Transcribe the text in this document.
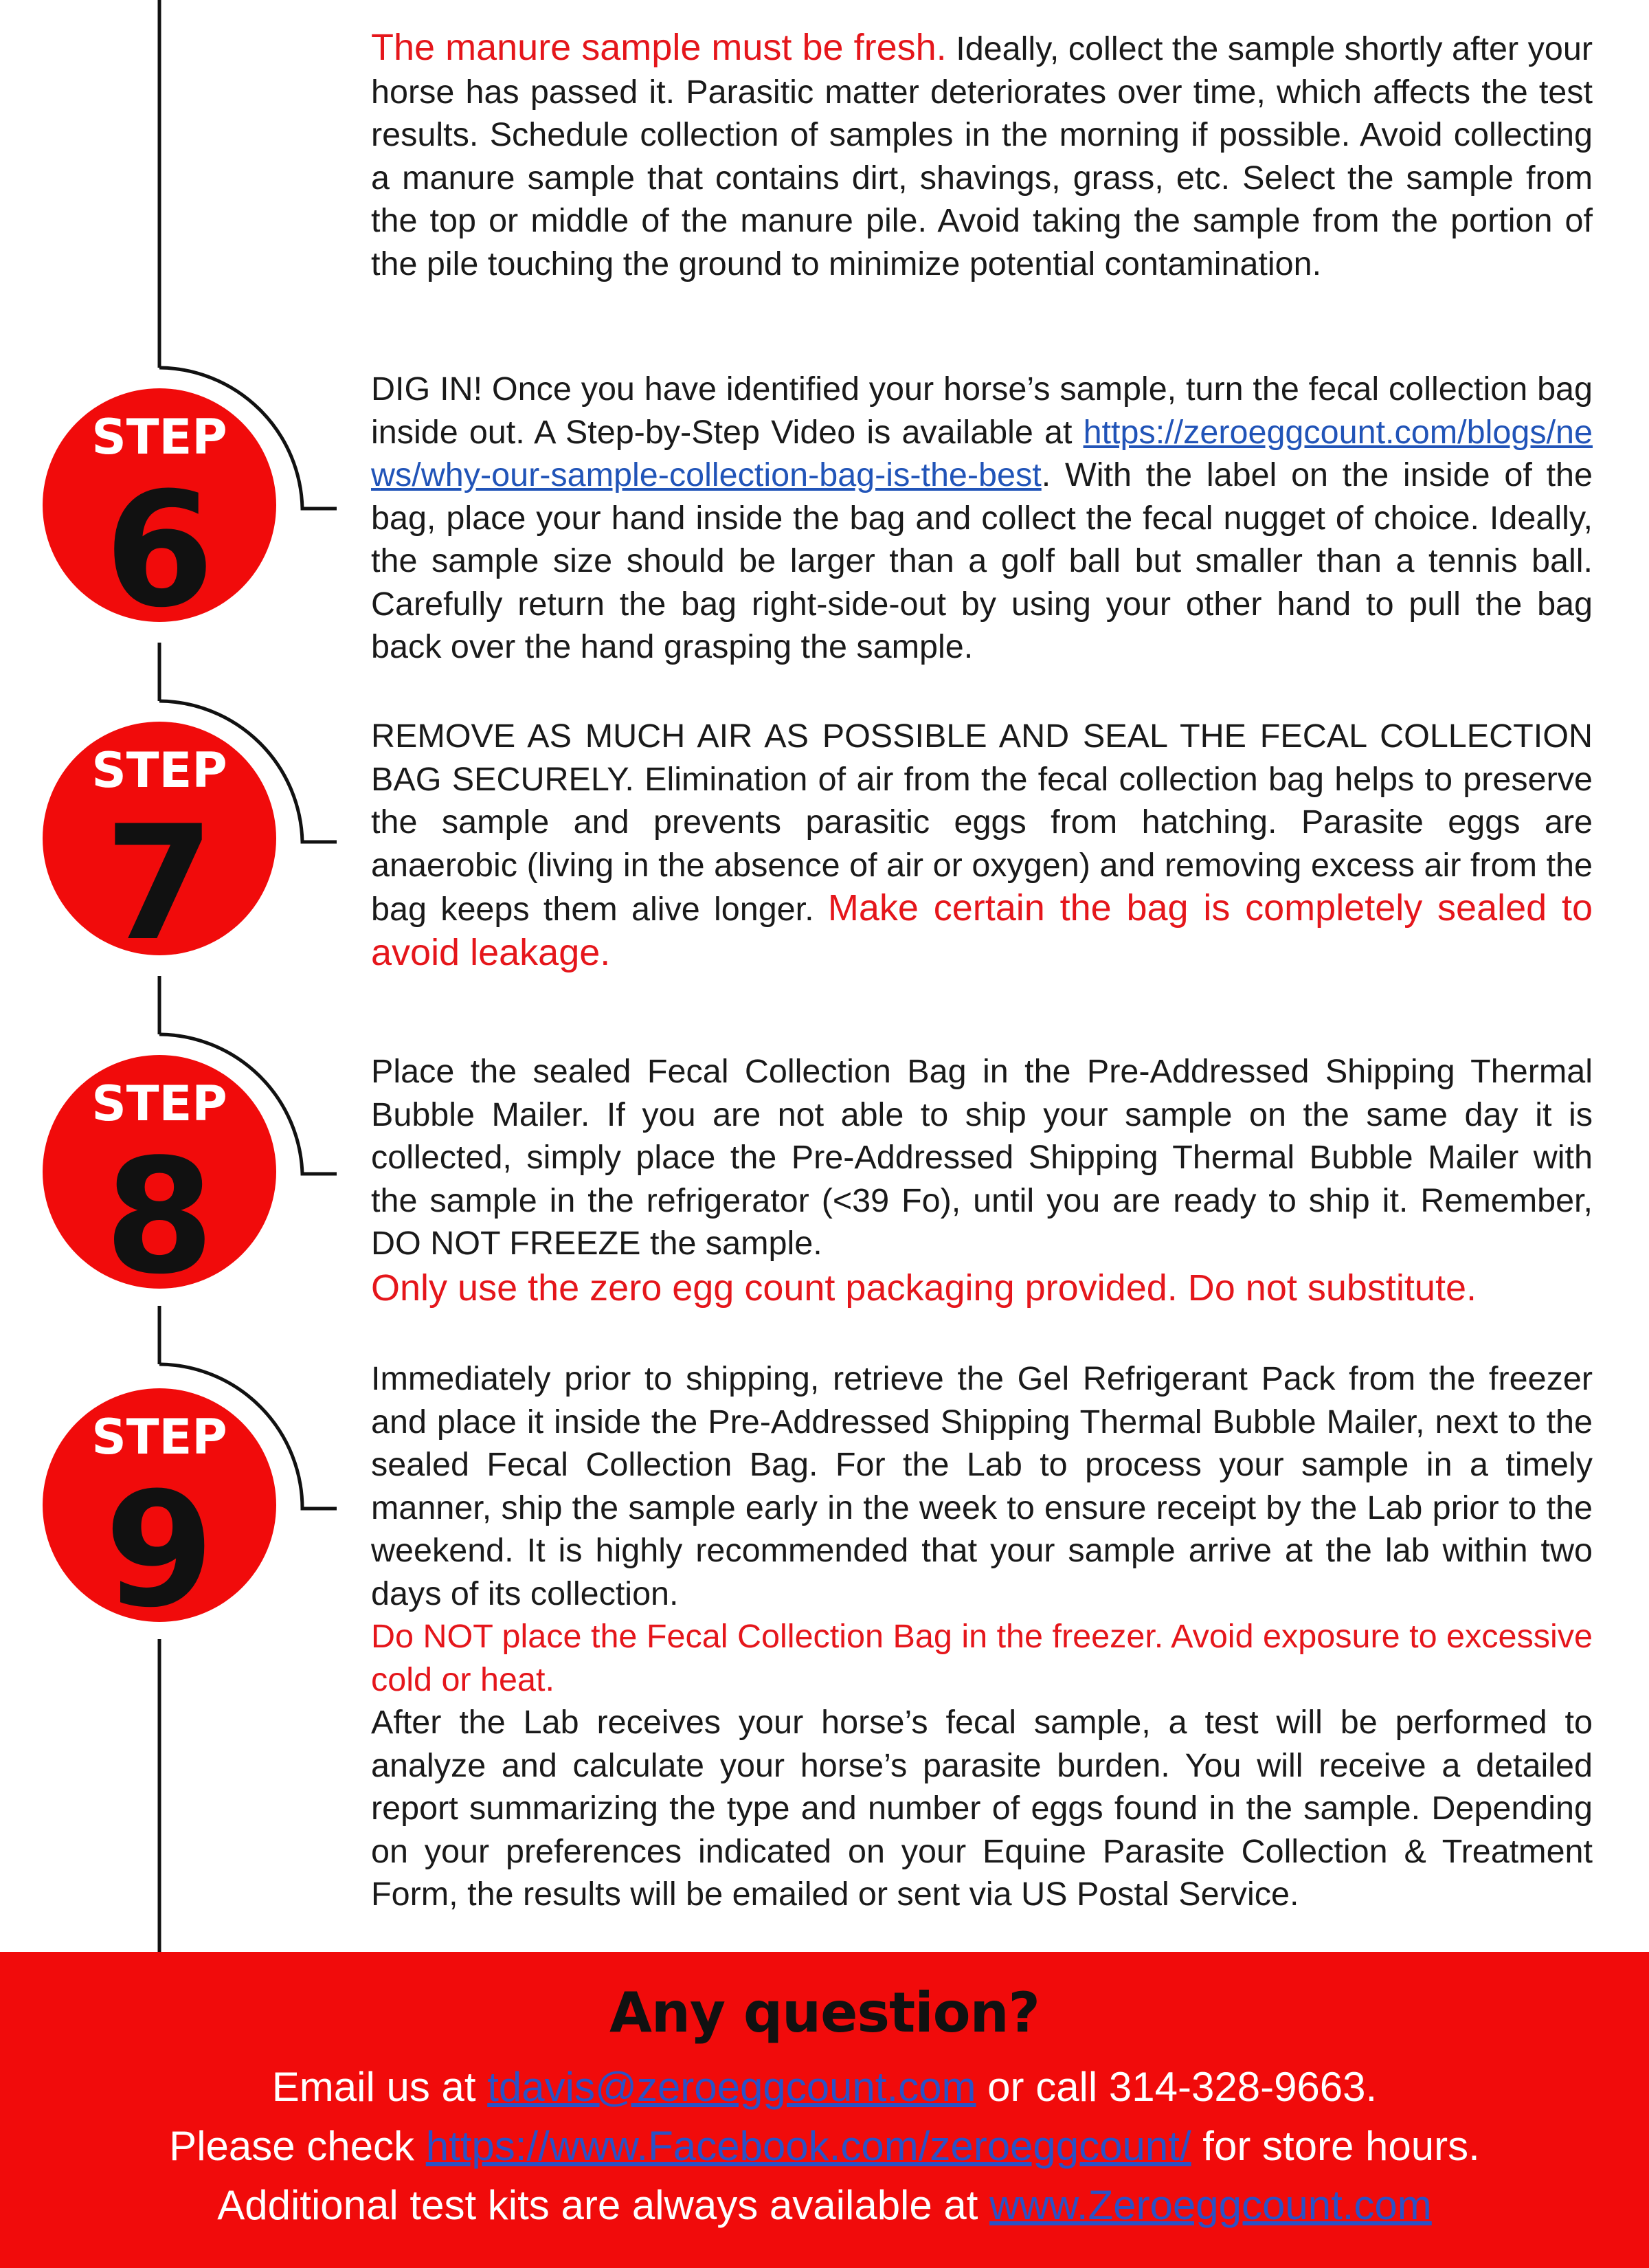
STEP
6
STEP
7
STEP
8
STEP
9
The manure sample must be fresh. Ideally, collect the sample shortly after your horse has passed it. Parasitic matter deteriorates over time, which affects the test results. Schedule collection of samples in the morning if possible. Avoid collecting a manure sample that contains dirt, shavings, grass, etc. Select the sample from the top or middle of the manure pile. Avoid taking the sample from the portion of the pile touching the ground to minimize potential contamination.
DIG IN! Once you have identified your horse’s sample, turn the fecal collection bag inside out. A Step-by-Step Video is available at https://zeroeggcount.com/blogs/news/why-our-sample-collection-bag-is-the-best. With the label on the inside of the bag, place your hand inside the bag and collect the fecal nugget of choice. Ideally, the sample size should be larger than a golf ball but smaller than a tennis ball. Carefully return the bag right-side-out by using your other hand to pull the bag back over the hand grasping the sample.
REMOVE AS MUCH AIR AS POSSIBLE AND SEAL THE FECAL COLLECTION BAG SECURELY. Elimination of air from the fecal collection bag helps to preserve the sample and prevents parasitic eggs from hatching. Parasite eggs are anaerobic (living in the absence of air or oxygen) and removing excess air from the bag keeps them alive longer. Make certain the bag is completely sealed to avoid leakage.
Place the sealed Fecal Collection Bag in the Pre-Addressed Shipping Thermal Bubble Mailer. If you are not able to ship your sample on the same day it is collected, simply place the Pre-Addressed Shipping Thermal Bubble Mailer with the sample in the refrigerator (<39 Fo), until you are ready to ship it. Remember, DO NOT FREEZE the sample.
Only use the zero egg count packaging provided. Do not substitute.
Immediately prior to shipping, retrieve the Gel Refrigerant Pack from the freezer and place it inside the Pre-Addressed Shipping Thermal Bubble Mailer, next to the sealed Fecal Collection Bag. For the Lab to process your sample in a timely manner, ship the sample early in the week to ensure receipt by the Lab prior to the weekend. It is highly recommended that your sample arrive at the lab within two days of its collection.
Do NOT place the Fecal Collection Bag in the freezer. Avoid exposure to excessive cold or heat.
After the Lab receives your horse’s fecal sample, a test will be performed to analyze and calculate your horse’s parasite burden. You will receive a detailed report summarizing the type and number of eggs found in the sample. Depending on your preferences indicated on your Equine Parasite Collection & Treatment Form, the results will be emailed or sent via US Postal Service.
Any question?
Email us at tdavis@zeroeggcount.com or call 314-328-9663.
Please check https://www.Facebook.com/zeroeggcount/ for store hours.
Additional test kits are always available at www.Zeroeggcount.com
